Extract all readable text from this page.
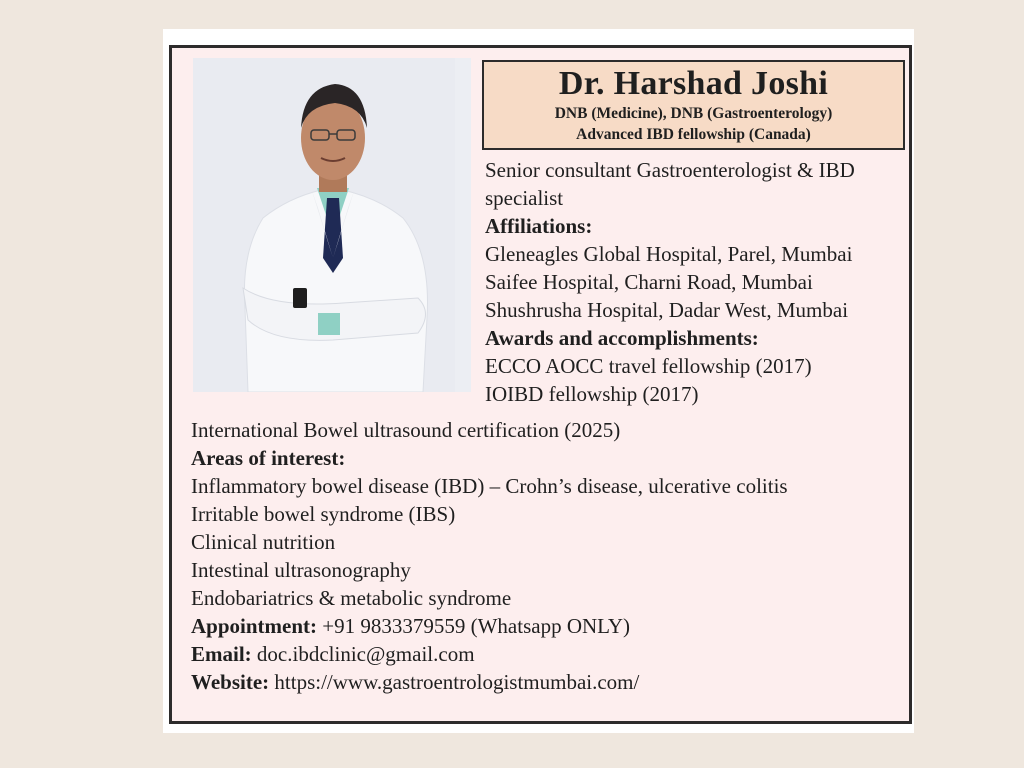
Dr. Harshad Joshi
DNB (Medicine), DNB (Gastroenterology)
Advanced IBD fellowship (Canada)
Senior consultant Gastroenterologist & IBD
specialist
Affiliations:
Gleneagles Global Hospital, Parel, Mumbai
Saifee Hospital, Charni Road, Mumbai
Shushrusha Hospital, Dadar West, Mumbai
Awards and accomplishments:
ECCO AOCC travel fellowship (2017)
IOIBD fellowship (2017)
International Bowel ultrasound certification (2025)
Areas of interest:
Inflammatory bowel disease (IBD) – Crohn’s disease, ulcerative colitis
Irritable bowel syndrome (IBS)
Clinical nutrition
Intestinal ultrasonography
Endobariatrics & metabolic syndrome
Appointment: +91 9833379559 (Whatsapp ONLY)
Email: doc.ibdclinic@gmail.com
Website: https://www.gastroentrologistmumbai.com/
